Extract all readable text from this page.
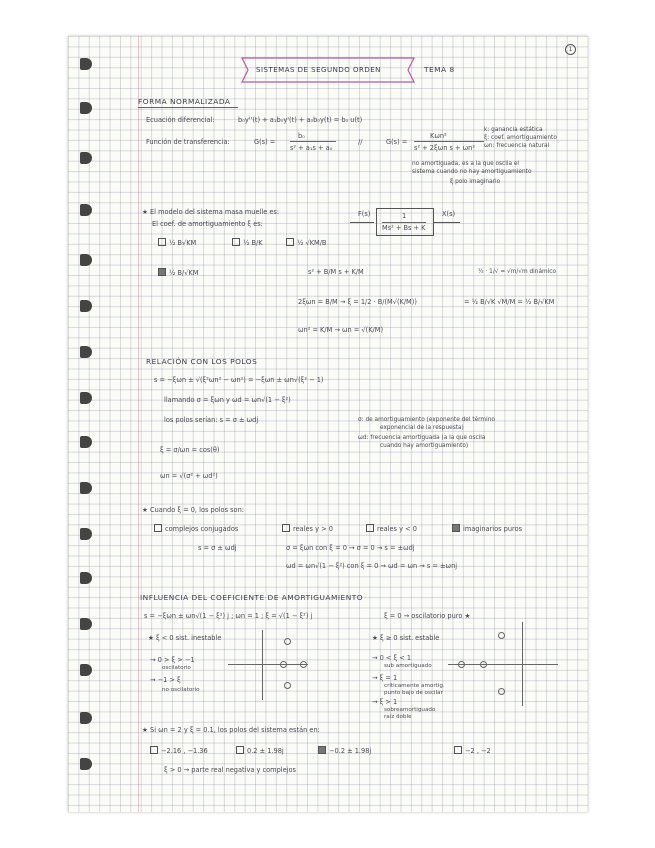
1
SISTEMAS DE SEGUNDO ORDEN	TEMA 8
FORMA NORMALIZADA
Ecuación diferencial:	b₀y''(t) + a₁b₀y'(t) + a₀b₀y(t) = b₀ u(t)
Función de transferencia:	G(s) =
b₀
s² + a₁s + a₀
//	G(s) =
Kωn²
s² + 2ξωn s + ωn²
k: ganancia estática
ξ: coef. amortiguamiento
ωn: frecuencia natural
no amortiguada, es a la que oscila el
sistema cuando no hay amortiguamiento
ξ polo imaginario
★ El modelo del sistema masa muelle es:
El coef. de amortiguamiento ξ es:
F(s)	1
Ms² + Bs + K
X(s)
½ B√KM	½ B/K	½ √KM/B
½ B/√KM	s² + B/M s + K/M	½ · 1/√ = √m/√m dinámico
2ξωn = B/M → ξ = 1/2 · B/(M√(K/M))	= ½ B/√K √M/M = ½ B/√KM
ωn² = K/M → ωn = √(K/M)
RELACIÓN CON LOS POLOS
s = −ξωn ± √(ξ²ωn² − ωn²) = −ξωn ± ωn√(ξ² − 1)
llamando σ = ξωn y ωd = ωn√(1 − ξ²)
los polos serían: s = σ ± ωdj	σ: de amortiguamiento (exponente del término
exponencial de la respuesta)
ωd: frecuencia amortiguada (a la que oscila
cuando hay amortiguamiento)
ξ = σ/ωn = cos(θ)
ωn = √(σ² + ωd²)
★ Cuando ξ = 0, los polos son:
complejos conjugados	reales y > 0	reales y < 0	imaginarios puros
s = σ ± ωdj	σ = ξωn con ξ = 0 → σ = 0 → s = ±ωdj
ωd = ωn√(1 − ξ²) con ξ = 0 → ωd = ωn → s = ±ωnj
INFLUENCIA DEL COEFICIENTE DE AMORTIGUAMIENTO
s = −ξωn ± ωn√(1 − ξ²) j ; ωn = 1 ; ξ = √(1 − ξ²) j	ξ = 0 → oscilatorio puro ★
★ ξ < 0 sist. inestable
→ 0 > ξ > −1
oscilatorio
→ −1 > ξ
no oscilatorio
★ ξ ≥ 0 sist. estable
→ 0 < ξ < 1
sub amortiguado
→ ξ = 1
críticamente amortig.
punto bajo de oscilar
→ ξ > 1
sobreamortiguado
raíz doble
★ Si ωn = 2 y ξ = 0.1, los polos del sistema están en:
−2.16 , −1.36	0.2 ± 1.98j	−0.2 ± 1.98j	−2 , −2
ξ > 0 → parte real negativa y complejos
